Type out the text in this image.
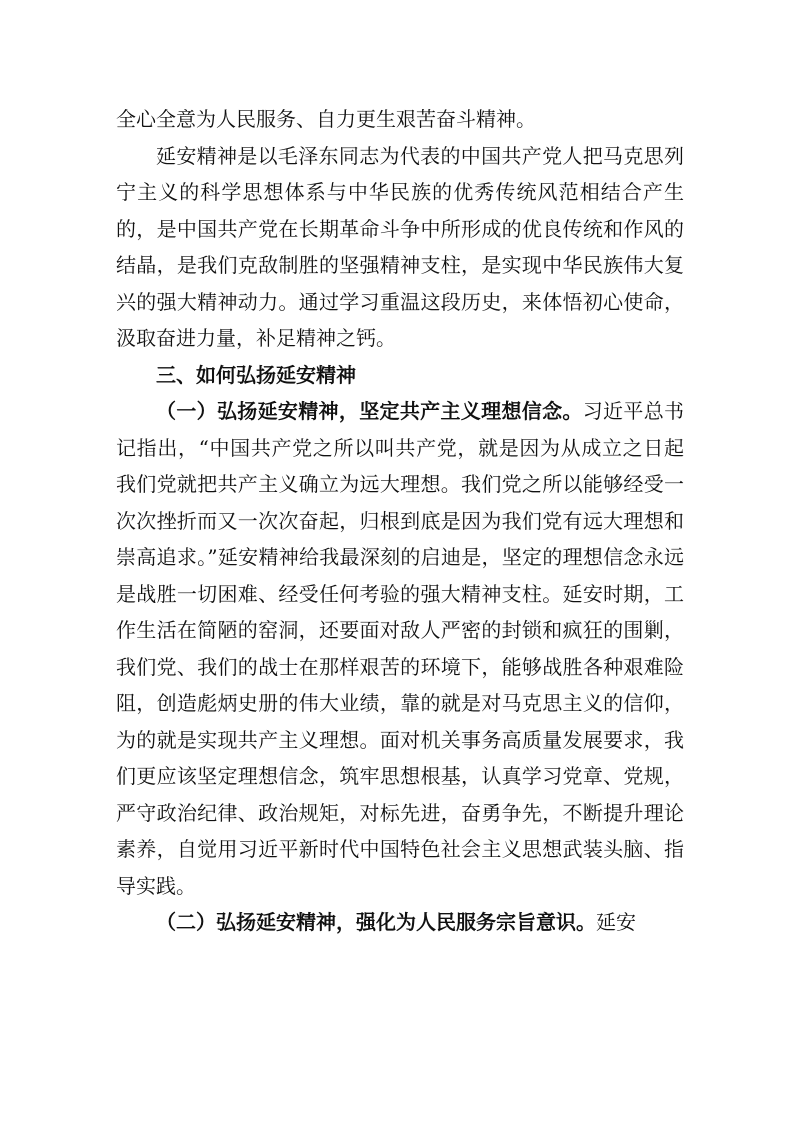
全心全意为人民服务、自力更生艰苦奋斗精神。

延安精神是以毛泽东同志为代表的中国共产党人把马克思列宁主义的科学思想体系与中华民族的优秀传统风范相结合产生的，是中国共产党在长期革命斗争中所形成的优良传统和作风的结晶，是我们克敌制胜的坚强精神支柱，是实现中华民族伟大复兴的强大精神动力。通过学习重温这段历史，来体悟初心使命，汲取奋进力量，补足精神之钙。

三、如何弘扬延安精神

（一）弘扬延安精神，坚定共产主义理想信念。习近平总书记指出，“中国共产党之所以叫共产党，就是因为从成立之日起我们党就把共产主义确立为远大理想。我们党之所以能够经受一次次挫折而又一次次奋起，归根到底是因为我们党有远大理想和崇高追求。”延安精神给我最深刻的启迪是，坚定的理想信念永远是战胜一切困难、经受任何考验的强大精神支柱。延安时期，工作生活在简陋的窑洞，还要面对敌人严密的封锁和疯狂的围剿，我们党、我们的战士在那样艰苦的环境下，能够战胜各种艰难险阻，创造彪炳史册的伟大业绩，靠的就是对马克思主义的信仰，为的就是实现共产主义理想。面对机关事务高质量发展要求，我们更应该坚定理想信念，筑牢思想根基，认真学习党章、党规，严守政治纪律、政治规矩，对标先进，奋勇争先，不断提升理论素养，自觉用习近平新时代中国特色社会主义思想武装头脑、指导实践。

（二）弘扬延安精神，强化为人民服务宗旨意识。延安
